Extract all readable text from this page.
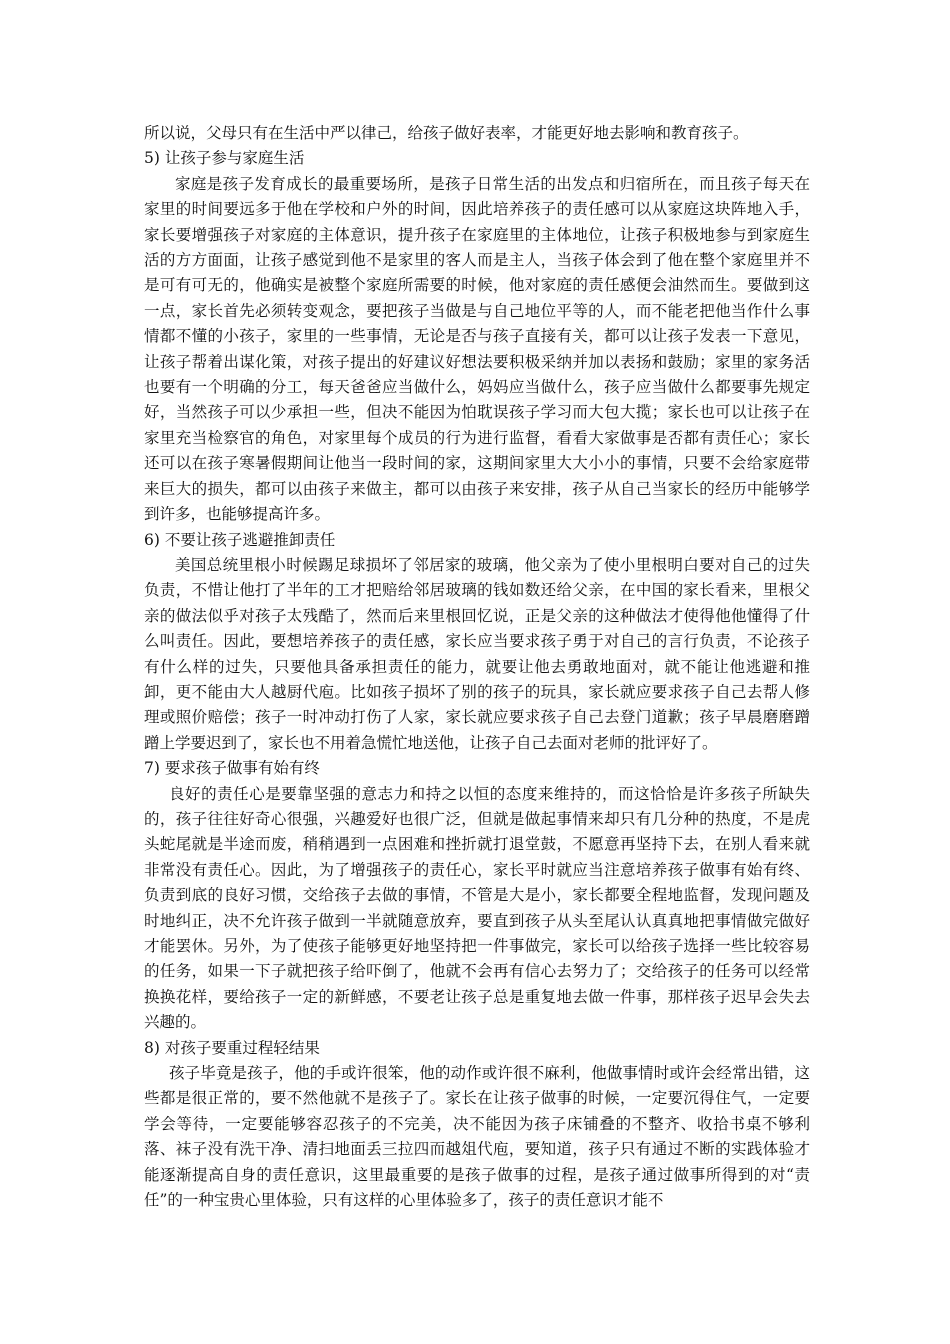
所以说，父母只有在生活中严以律己，给孩子做好表率，才能更好地去影响和教育孩子。

5) 让孩子参与家庭生活

家庭是孩子发育成长的最重要场所，是孩子日常生活的出发点和归宿所在，而且孩子每天在家里的时间要远多于他在学校和户外的时间，因此培养孩子的责任感可以从家庭这块阵地入手，家长要增强孩子对家庭的主体意识，提升孩子在家庭里的主体地位，让孩子积极地参与到家庭生活的方方面面，让孩子感觉到他不是家里的客人而是主人，当孩子体会到了他在整个家庭里并不是可有可无的，他确实是被整个家庭所需要的时候，他对家庭的责任感便会油然而生。要做到这一点，家长首先必须转变观念，要把孩子当做是与自己地位平等的人，而不能老把他当作什么事情都不懂的小孩子，家里的一些事情，无论是否与孩子直接有关，都可以让孩子发表一下意见，让孩子帮着出谋化策，对孩子提出的好建议好想法要积极采纳并加以表扬和鼓励；家里的家务活也要有一个明确的分工，每天爸爸应当做什么，妈妈应当做什么，孩子应当做什么都要事先规定好，当然孩子可以少承担一些，但决不能因为怕耽误孩子学习而大包大揽；家长也可以让孩子在家里充当检察官的角色，对家里每个成员的行为进行监督，看看大家做事是否都有责任心；家长还可以在孩子寒暑假期间让他当一段时间的家，这期间家里大大小小的事情，只要不会给家庭带来巨大的损失，都可以由孩子来做主，都可以由孩子来安排，孩子从自己当家长的经历中能够学到许多，也能够提高许多。

6) 不要让孩子逃避推卸责任

美国总统里根小时候踢足球损坏了邻居家的玻璃，他父亲为了使小里根明白要对自己的过失负责，不惜让他打了半年的工才把赔给邻居玻璃的钱如数还给父亲，在中国的家长看来，里根父亲的做法似乎对孩子太残酷了，然而后来里根回忆说，正是父亲的这种做法才使得他他懂得了什么叫责任。因此，要想培养孩子的责任感，家长应当要求孩子勇于对自己的言行负责，不论孩子有什么样的过失，只要他具备承担责任的能力，就要让他去勇敢地面对，就不能让他逃避和推卸，更不能由大人越厨代庖。比如孩子损坏了别的孩子的玩具，家长就应要求孩子自己去帮人修理或照价赔偿；孩子一时冲动打伤了人家，家长就应要求孩子自己去登门道歉；孩子早晨磨磨蹭蹭上学要迟到了，家长也不用着急慌忙地送他，让孩子自己去面对老师的批评好了。

7) 要求孩子做事有始有终

良好的责任心是要靠坚强的意志力和持之以恒的态度来维持的，而这恰恰是许多孩子所缺失的，孩子往往好奇心很强，兴趣爱好也很广泛，但就是做起事情来却只有几分种的热度，不是虎头蛇尾就是半途而废，稍稍遇到一点困难和挫折就打退堂鼓，不愿意再坚持下去，在别人看来就非常没有责任心。因此，为了增强孩子的责任心，家长平时就应当注意培养孩子做事有始有终、负责到底的良好习惯，交给孩子去做的事情，不管是大是小，家长都要全程地监督，发现问题及时地纠正，决不允许孩子做到一半就随意放弃，要直到孩子从头至尾认认真真地把事情做完做好才能罢休。另外，为了使孩子能够更好地坚持把一件事做完，家长可以给孩子选择一些比较容易的任务，如果一下子就把孩子给吓倒了，他就不会再有信心去努力了；交给孩子的任务可以经常换换花样，要给孩子一定的新鲜感，不要老让孩子总是重复地去做一件事，那样孩子迟早会失去兴趣的。

8) 对孩子要重过程轻结果

孩子毕竟是孩子，他的手或许很笨，他的动作或许很不麻利，他做事情时或许会经常出错，这些都是很正常的，要不然他就不是孩子了。家长在让孩子做事的时候，一定要沉得住气，一定要学会等待，一定要能够容忍孩子的不完美，决不能因为孩子床铺叠的不整齐、收拾书桌不够利落、袜子没有洗干净、清扫地面丢三拉四而越俎代庖，要知道，孩子只有通过不断的实践体验才能逐渐提高自身的责任意识，这里最重要的是孩子做事的过程，是孩子通过做事所得到的对“责任”的一种宝贵心里体验，只有这样的心里体验多了，孩子的责任意识才能不
